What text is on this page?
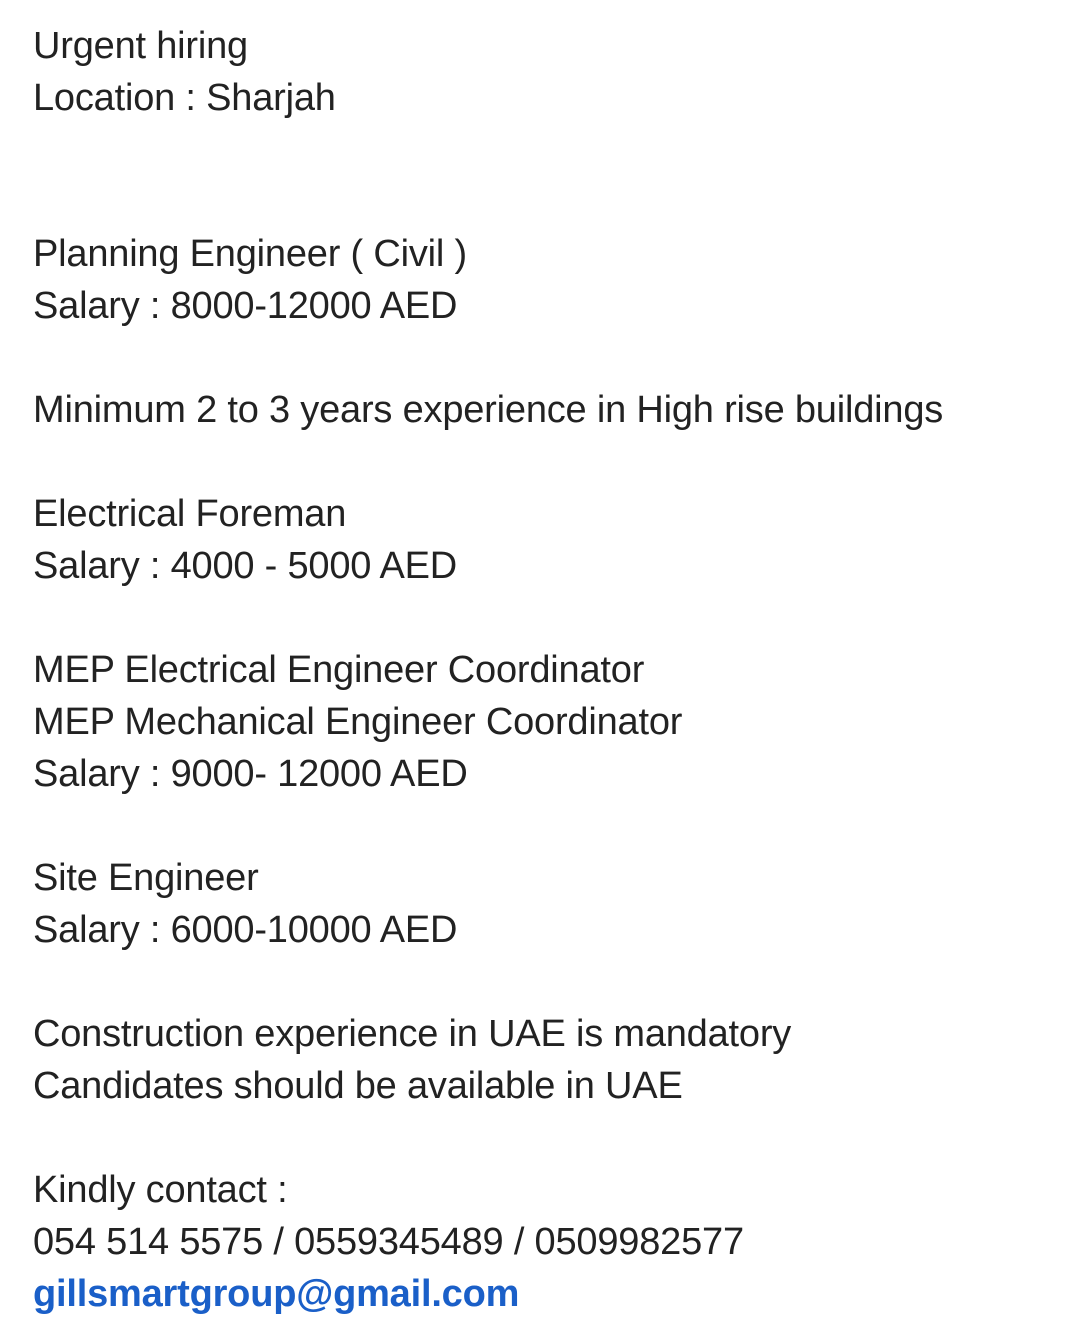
Urgent hiring
Location : Sharjah
Planning Engineer ( Civil )
Salary : 8000-12000 AED
Minimum 2 to 3 years experience in High rise buildings
Electrical Foreman
Salary : 4000 - 5000 AED
MEP Electrical Engineer Coordinator
MEP Mechanical Engineer Coordinator
Salary : 9000- 12000 AED
Site Engineer
Salary : 6000-10000 AED
Construction experience in UAE is mandatory
Candidates should be available in UAE
Kindly contact :
054 514 5575 / 0559345489 / 0509982577
gillsmartgroup@gmail.com
